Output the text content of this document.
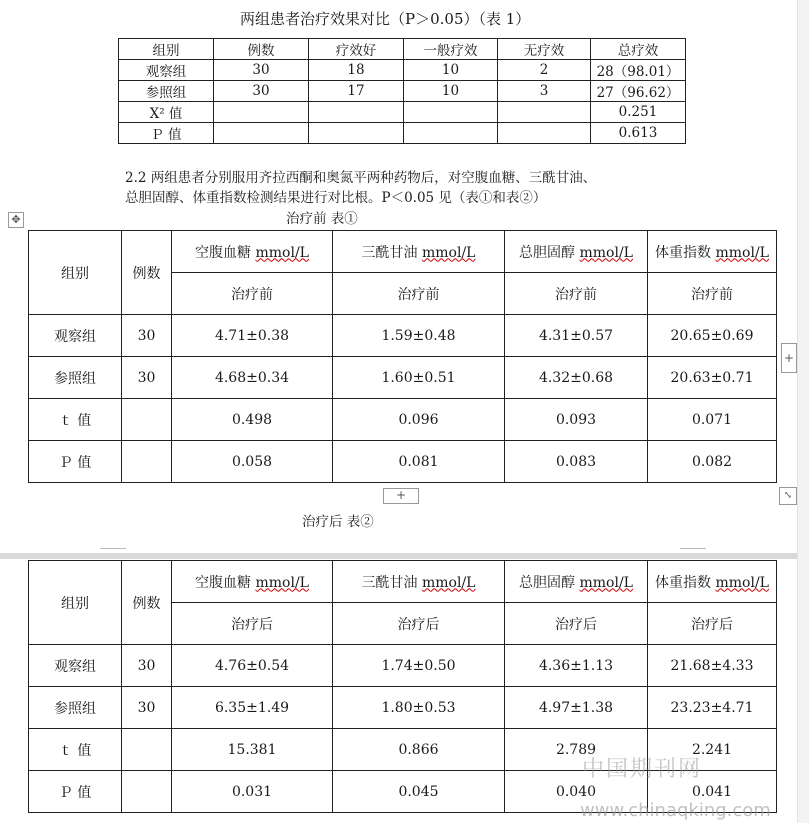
两组患者治疗效果对比（P＞0.05）（表 1）
组别	例数	疗效好	一般疗效	无疗效	总疗效
观察组	30	18	10	2	28（98.01）
参照组	30	17	10	3	27（96.62）
Χ² 值					0.251
Ｐ 值					0.613
2.2 两组患者分别服用齐拉西酮和奥氮平两种药物后，对空腹血糖、三酰甘油、
总胆固醇、体重指数检测结果进行对比根。P＜0.05 见（表①和表②）
治疗前 表①
✥
组别	例数	空腹血糖 mmol/L	三酰甘油 mmol/L	总胆固醇 mmol/L	体重指数 mmol/L
		治疗前	治疗前	治疗前	治疗前
观察组	30	4.71±0.38	1.59±0.48	4.31±0.57	20.65±0.69
参照组	30	4.68±0.34	1.60±0.51	4.32±0.68	20.63±0.71
ｔ 值		0.498	0.096	0.093	0.071
Ｐ 值		0.058	0.081	0.083	0.082
+
+	⤡
治疗后 表②
组别	例数	空腹血糖 mmol/L	三酰甘油 mmol/L	总胆固醇 mmol/L	体重指数 mmol/L
		治疗后	治疗后	治疗后	治疗后
观察组	30	4.76±0.54	1.74±0.50	4.36±1.13	21.68±4.33
参照组	30	6.35±1.49	1.80±0.53	4.97±1.38	23.23±4.71
ｔ 值		15.381	0.866	2.789	2.241
Ｐ 值		0.031	0.045	0.040	0.041
中国期刊网
www.chinaqking.com
